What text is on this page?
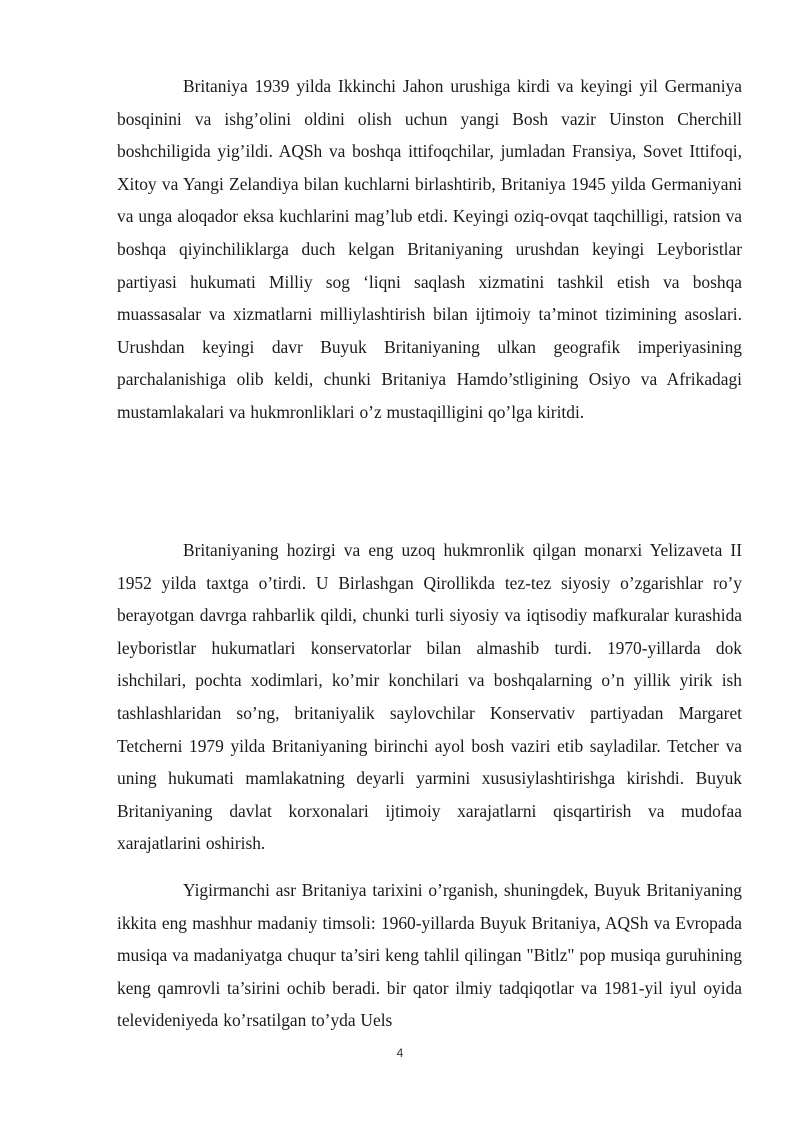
Britaniya 1939 yilda Ikkinchi Jahon urushiga kirdi va keyingi yil Germaniya bosqinini va ishg’olini oldini olish uchun yangi Bosh vazir Uinston Cherchill boshchiligida yig’ildi. AQSh va boshqa ittifoqchilar, jumladan Fransiya, Sovet Ittifoqi, Xitoy va Yangi Zelandiya bilan kuchlarni birlashtirib, Britaniya 1945 yilda Germaniyani va unga aloqador eksa kuchlarini mag’lub etdi. Keyingi oziq-ovqat taqchilligi, ratsion va boshqa qiyinchiliklarga duch kelgan Britaniyaning urushdan keyingi Leyboristlar partiyasi hukumati Milliy sog ‘liqni saqlash xizmatini tashkil etish va boshqa muassasalar va xizmatlarni milliylashtirish bilan ijtimoiy ta’minot tizimining asoslari. Urushdan keyingi davr Buyuk Britaniyaning ulkan geografik imperiyasining parchalanishiga olib keldi, chunki Britaniya Hamdo’stligining Osiyo va Afrikadagi mustamlakalari va hukmronliklari o’z mustaqilligini qo’lga kiritdi.

Britaniyaning hozirgi va eng uzoq hukmronlik qilgan monarxi Yelizaveta II 1952 yilda taxtga o’tirdi. U Birlashgan Qirollikda tez-tez siyosiy o’zgarishlar ro’y berayotgan davrga rahbarlik qildi, chunki turli siyosiy va iqtisodiy mafkuralar kurashida leyboristlar hukumatlari konservatorlar bilan almashib turdi. 1970-yillarda dok ishchilari, pochta xodimlari, ko’mir konchilari va boshqalarning o’n yillik yirik ish tashlashlaridan so’ng, britaniyalik saylovchilar Konservativ partiyadan Margaret Tetcherni 1979 yilda Britaniyaning birinchi ayol bosh vaziri etib sayladilar. Tetcher va uning hukumati mamlakatning deyarli yarmini xususiylashtirishga kirishdi. Buyuk Britaniyaning davlat korxonalari ijtimoiy xarajatlarni qisqartirish va mudofaa xarajatlarini oshirish.

Yigirmanchi asr Britaniya tarixini o’rganish, shuningdek, Buyuk Britaniyaning ikkita eng mashhur madaniy timsoli: 1960-yillarda Buyuk Britaniya, AQSh va Evropada musiqa va madaniyatga chuqur ta’siri keng tahlil qilingan "Bitlz" pop musiqa guruhining keng qamrovli ta’sirini ochib beradi. bir qator ilmiy tadqiqotlar va 1981-yil iyul oyida televideniyeda ko’rsatilgan to’yda Uels

4
